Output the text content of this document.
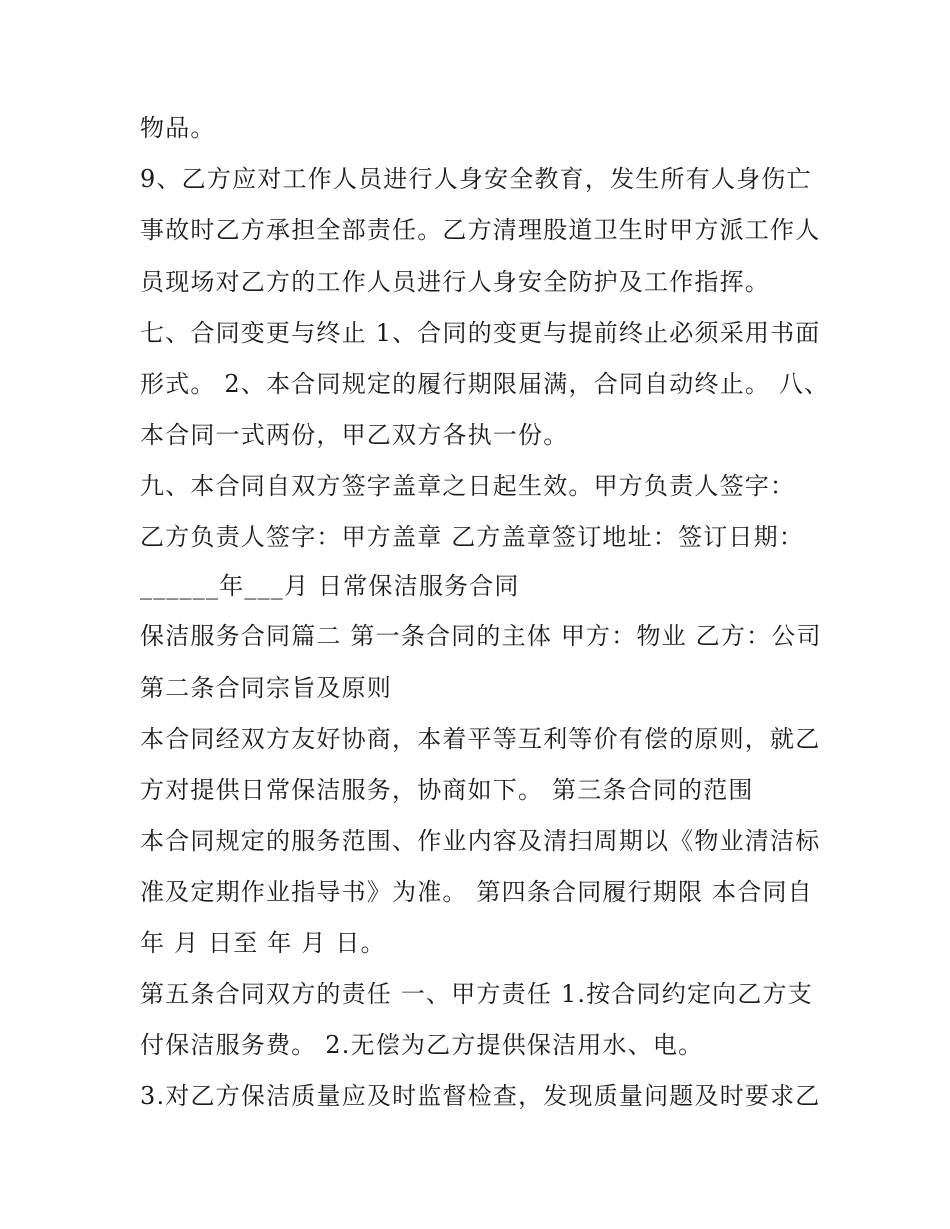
物品。
9、乙方应对工作人员进行人身安全教育，发生所有人身伤亡
事故时乙方承担全部责任。乙方清理股道卫生时甲方派工作人
员现场对乙方的工作人员进行人身安全防护及工作指挥。
七、合同变更与终止 1、合同的变更与提前终止必须采用书面
形式。 2、本合同规定的履行期限届满，合同自动终止。 八、
本合同一式两份，甲乙双方各执一份。
九、本合同自双方签字盖章之日起生效。甲方负责人签字：
乙方负责人签字：甲方盖章 乙方盖章签订地址：签订日期：
______年___月 日常保洁服务合同
保洁服务合同篇二 第一条合同的主体 甲方：物业 乙方：公司
第二条合同宗旨及原则
本合同经双方友好协商，本着平等互利等价有偿的原则，就乙
方对提供日常保洁服务，协商如下。 第三条合同的范围
本合同规定的服务范围、作业内容及清扫周期以《物业清洁标
准及定期作业指导书》为准。 第四条合同履行期限 本合同自
年 月 日至 年 月 日。
第五条合同双方的责任 一、甲方责任 1.按合同约定向乙方支
付保洁服务费。 2.无偿为乙方提供保洁用水、电。
3.对乙方保洁质量应及时监督检查，发现质量问题及时要求乙
